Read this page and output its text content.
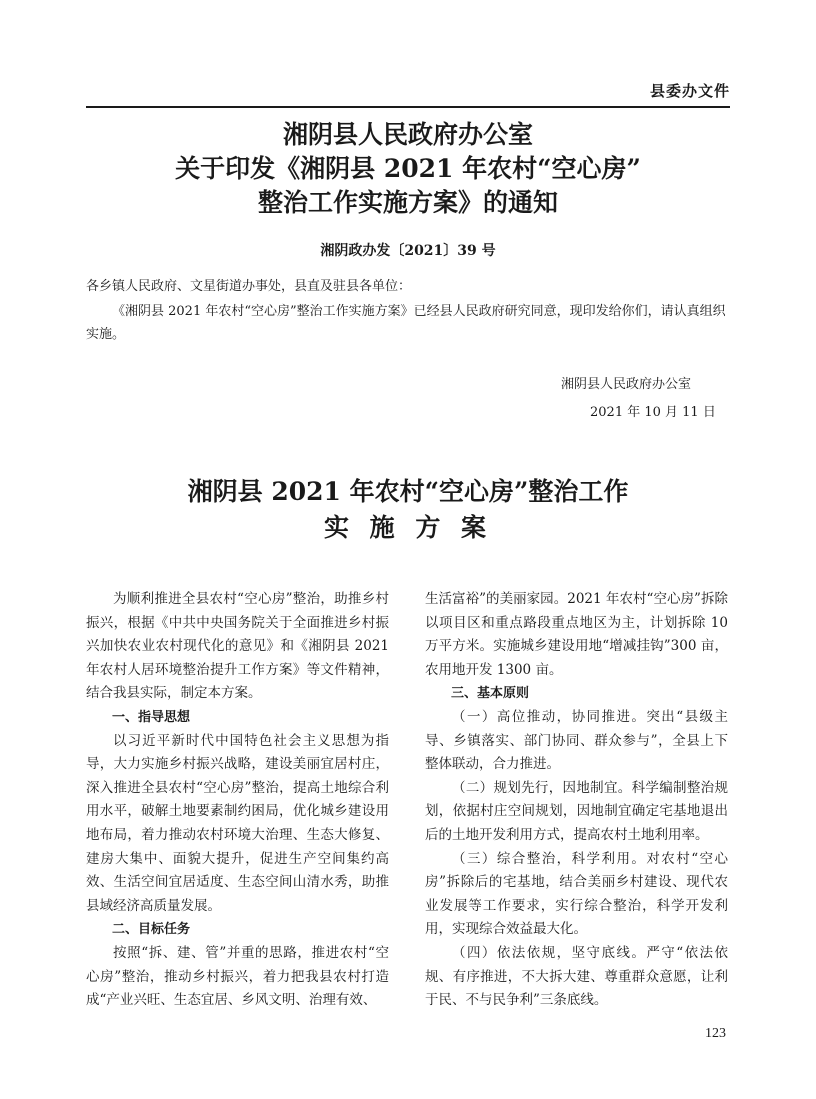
县委办文件
湘阴县人民政府办公室
关于印发《湘阴县 2021 年农村“空心房”
整治工作实施方案》的通知
湘阴政办发〔2021〕39 号
各乡镇人民政府、文星街道办事处，县直及驻县各单位：
《湘阴县 2021 年农村“空心房”整治工作实施方案》已经县人民政府研究同意，现印发给你们，请认真组织实施。
湘阴县人民政府办公室
2021 年 10 月 11 日
湘阴县 2021 年农村“空心房”整治工作
实 施 方 案

为顺利推进全县农村“空心房”整治，助推乡村振兴，根据《中共中央国务院关于全面推进乡村振兴加快农业农村现代化的意见》和《湘阴县 2021 年农村人居环境整治提升工作方案》等文件精神，结合我县实际，制定本方案。

一、指导思想

以习近平新时代中国特色社会主义思想为指导，大力实施乡村振兴战略，建设美丽宜居村庄，深入推进全县农村“空心房”整治，提高土地综合利用水平，破解土地要素制约困局，优化城乡建设用地布局，着力推动农村环境大治理、生态大修复、建房大集中、面貌大提升，促进生产空间集约高效、生活空间宜居适度、生态空间山清水秀，助推县域经济高质量发展。

二、目标任务

按照“拆、建、管”并重的思路，推进农村“空心房”整治，推动乡村振兴，着力把我县农村打造成“产业兴旺、生态宜居、乡风文明、治理有效、

生活富裕”的美丽家园。2021 年农村“空心房”拆除以项目区和重点路段重点地区为主，计划拆除 10 万平方米。实施城乡建设用地“增减挂钩”300 亩，农用地开发 1300 亩。

三、基本原则

（一）高位推动，协同推进。突出“县级主导、乡镇落实、部门协同、群众参与”，全县上下整体联动，合力推进。

（二）规划先行，因地制宜。科学编制整治规划，依据村庄空间规划，因地制宜确定宅基地退出后的土地开发利用方式，提高农村土地利用率。

（三）综合整治，科学利用。对农村“空心房”拆除后的宅基地，结合美丽乡村建设、现代农业发展等工作要求，实行综合整治，科学开发利用，实现综合效益最大化。

（四）依法依规，坚守底线。严守“依法依规、有序推进，不大拆大建、尊重群众意愿，让利于民、不与民争利”三条底线。

123
